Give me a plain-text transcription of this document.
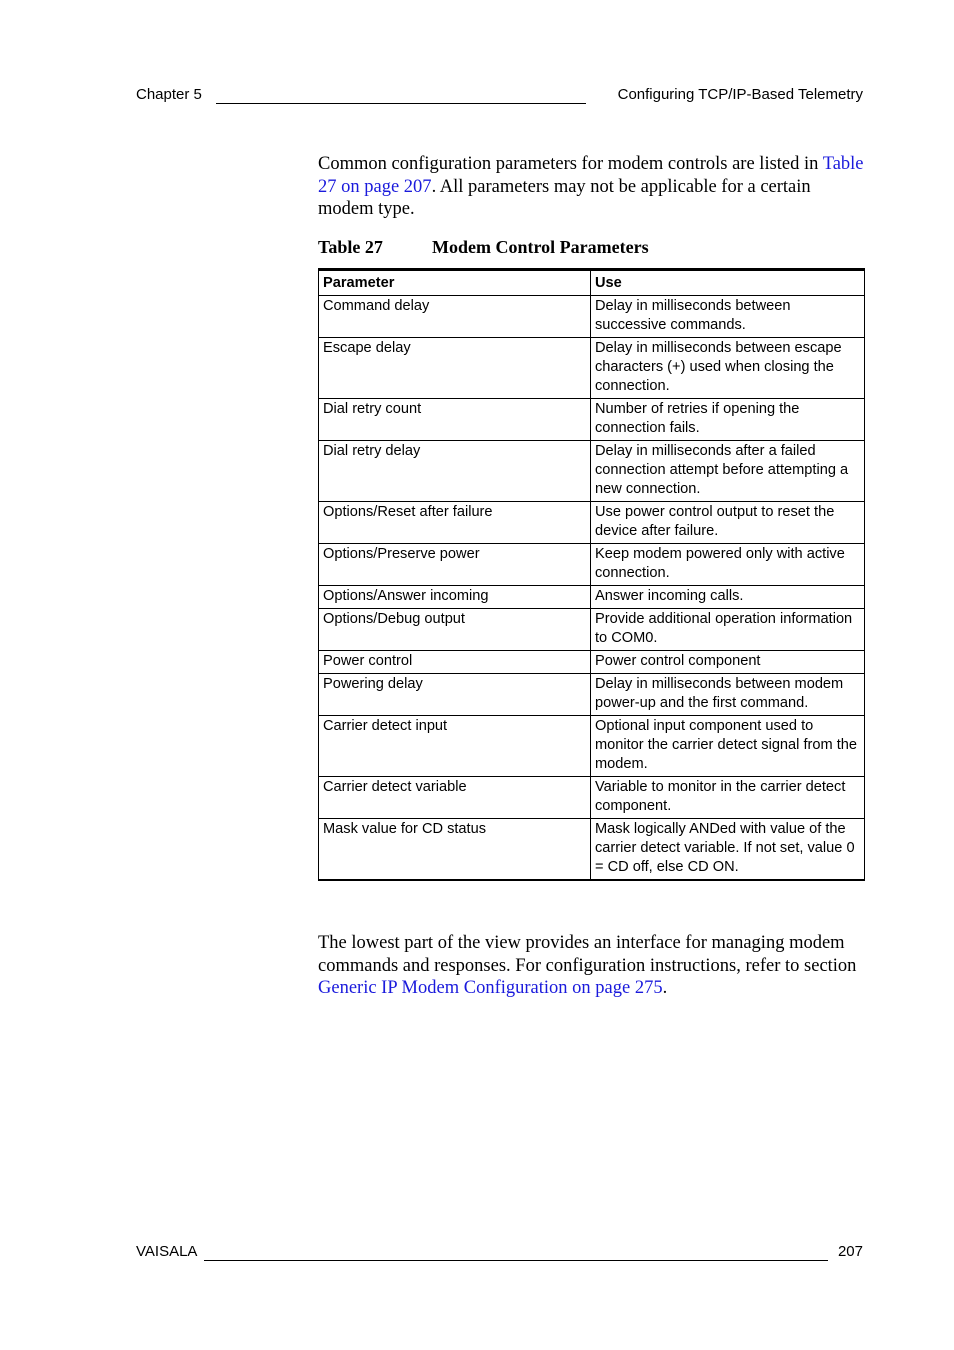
Chapter 5	Configuring TCP/IP-Based Telemetry

Common configuration parameters for modem controls are listed in Table 27 on page 207. All parameters may not be applicable for a certain modem type.

Table 27	Modem Control Parameters
Parameter	Use
Command delay	Delay in milliseconds between successive commands.
Escape delay	Delay in milliseconds between escape characters (+) used when closing the connection.
Dial retry count	Number of retries if opening the connection fails.
Dial retry delay	Delay in milliseconds after a failed connection attempt before attempting a new connection.
Options/Reset after failure	Use power control output to reset the device after failure.
Options/Preserve power	Keep modem powered only with active connection.
Options/Answer incoming	Answer incoming calls.
Options/Debug output	Provide additional operation information to COM0.
Power control	Power control component
Powering delay	Delay in milliseconds between modem power-up and the first command.
Carrier detect input	Optional input component used to monitor the carrier detect signal from the modem.
Carrier detect variable	Variable to monitor in the carrier detect component.
Mask value for CD status	Mask logically ANDed with value of the carrier detect variable. If not set, value 0 = CD off, else CD ON.

The lowest part of the view provides an interface for managing modem commands and responses. For configuration instructions, refer to section Generic IP Modem Configuration on page 275.

VAISALA	207
